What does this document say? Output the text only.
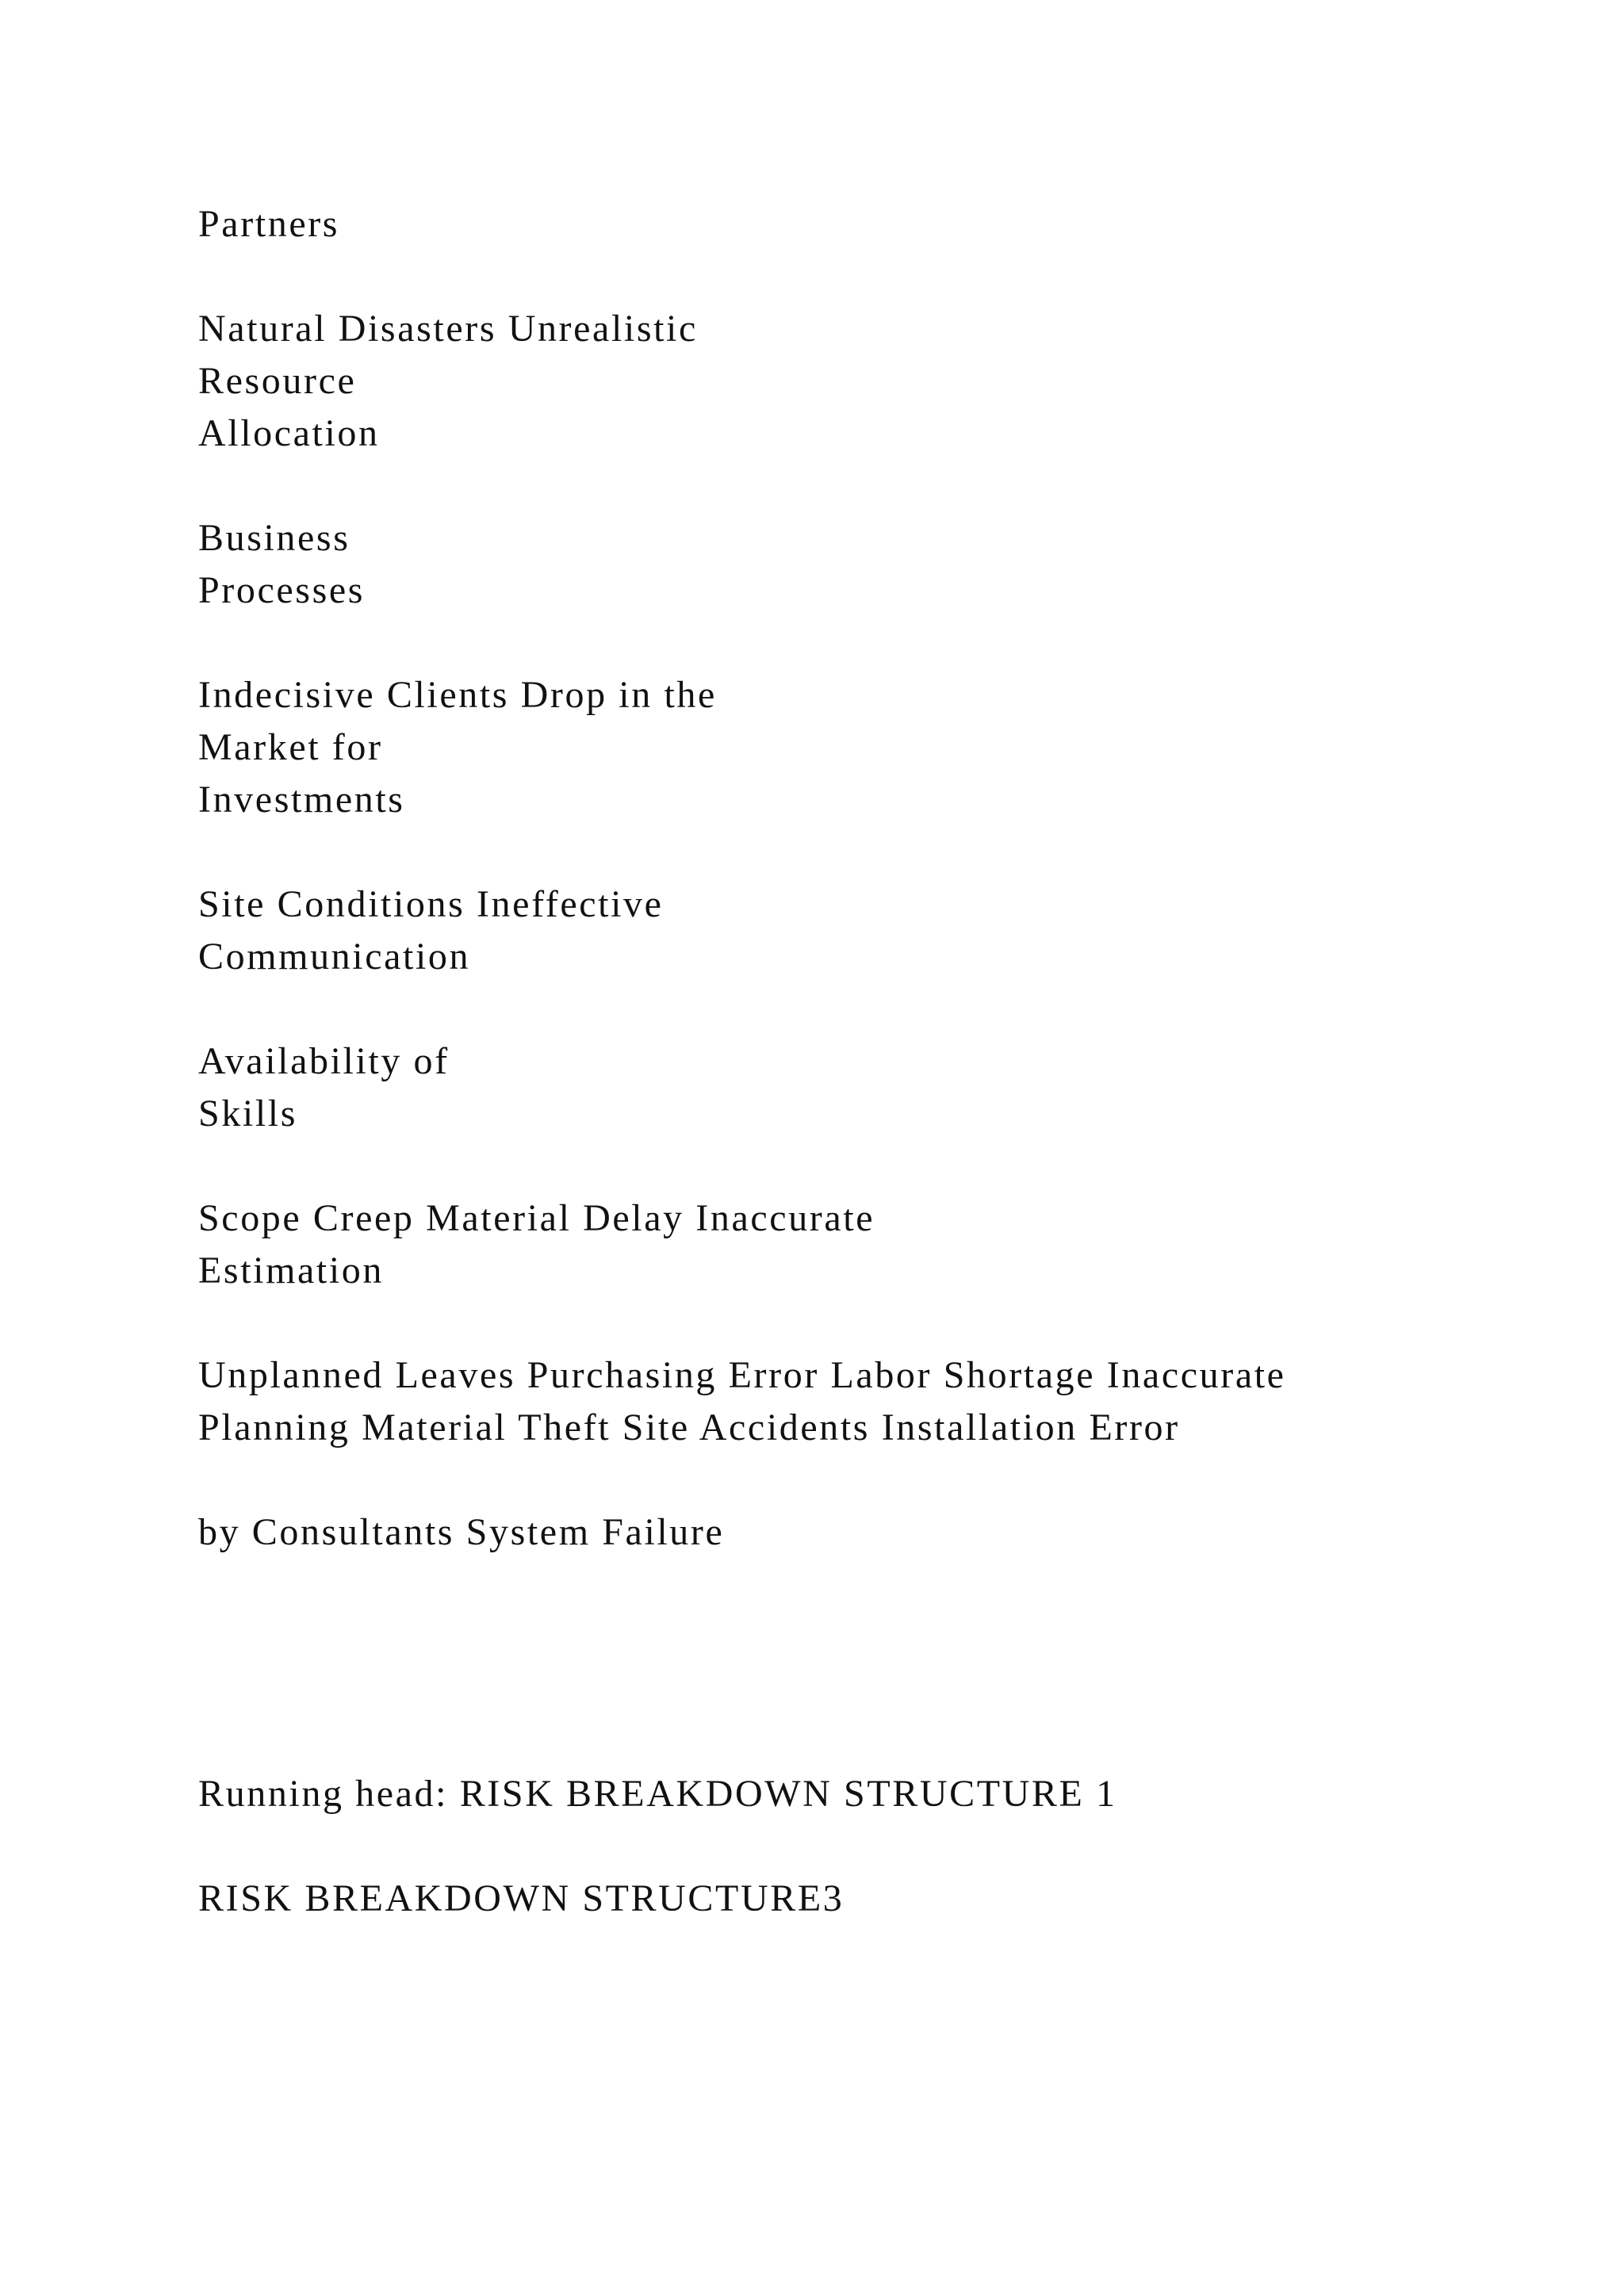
Partners
Natural Disasters Unrealistic
Resource
Allocation
Business
Processes
Indecisive Clients Drop in the
Market for
Investments
Site Conditions Ineffective
Communication
Availability of
Skills
Scope Creep Material Delay Inaccurate
Estimation
Unplanned Leaves Purchasing Error Labor Shortage Inaccurate
Planning Material Theft Site Accidents Installation Error
by Consultants System Failure
Running head: RISK BREAKDOWN STRUCTURE 1
RISK BREAKDOWN STRUCTURE3
